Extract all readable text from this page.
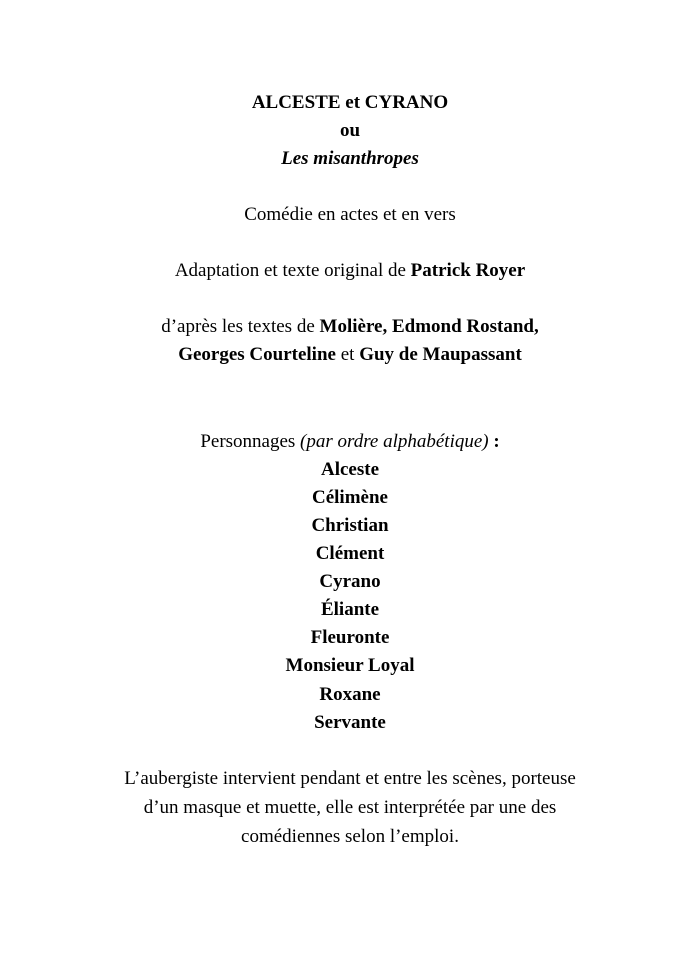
ALCESTE et CYRANO
ou
Les misanthropes
Comédie en actes et en vers
Adaptation et texte original de Patrick Royer
d’après les textes de Molière, Edmond Rostand,
Georges Courteline et Guy de Maupassant
Personnages (par ordre alphabétique) :
Alceste
Célimène
Christian
Clément
Cyrano
Éliante
Fleuronte
Monsieur Loyal
Roxane
Servante
L’aubergiste intervient pendant et entre les scènes, porteuse
d’un masque et muette, elle est interprétée par une des
comédiennes selon l’emploi.
